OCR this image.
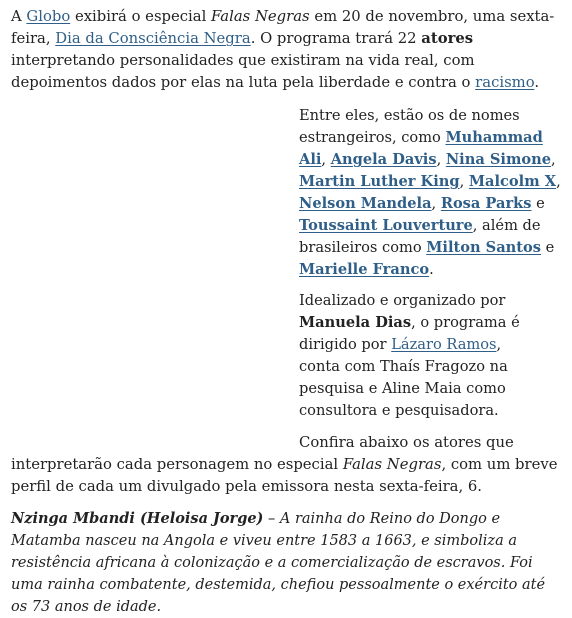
A Globo exibirá o especial Falas Negras em 20 de novembro, uma sexta-feira, Dia da Consciência Negra. O programa trará 22 atores interpretando personalidades que existiram na vida real, com depoimentos dados por elas na luta pela liberdade e contra o racismo.

Entre eles, estão os de nomes estrangeiros, como Muhammad Ali, Angela Davis, Nina Simone, Martin Luther King, Malcolm X, Nelson Mandela, Rosa Parks e Toussaint Louverture, além de brasileiros como Milton Santos e Marielle Franco.

Idealizado e organizado por Manuela Dias, o programa é dirigido por Lázaro Ramos, conta com Thaís Fragozo na pesquisa e Aline Maia como consultora e pesquisadora.

Confira abaixo os atores que
interpretarão cada personagem no especial Falas Negras, com um breve perfil de cada um divulgado pela emissora nesta sexta-feira, 6.

Nzinga Mbandi (Heloisa Jorge) – A rainha do Reino do Dongo e Matamba nasceu na Angola e viveu entre 1583 a 1663, e simboliza a resistência africana à colonização e a comercialização de escravos. Foi uma rainha combatente, destemida, chefiou pessoalmente o exército até os 73 anos de idade.
